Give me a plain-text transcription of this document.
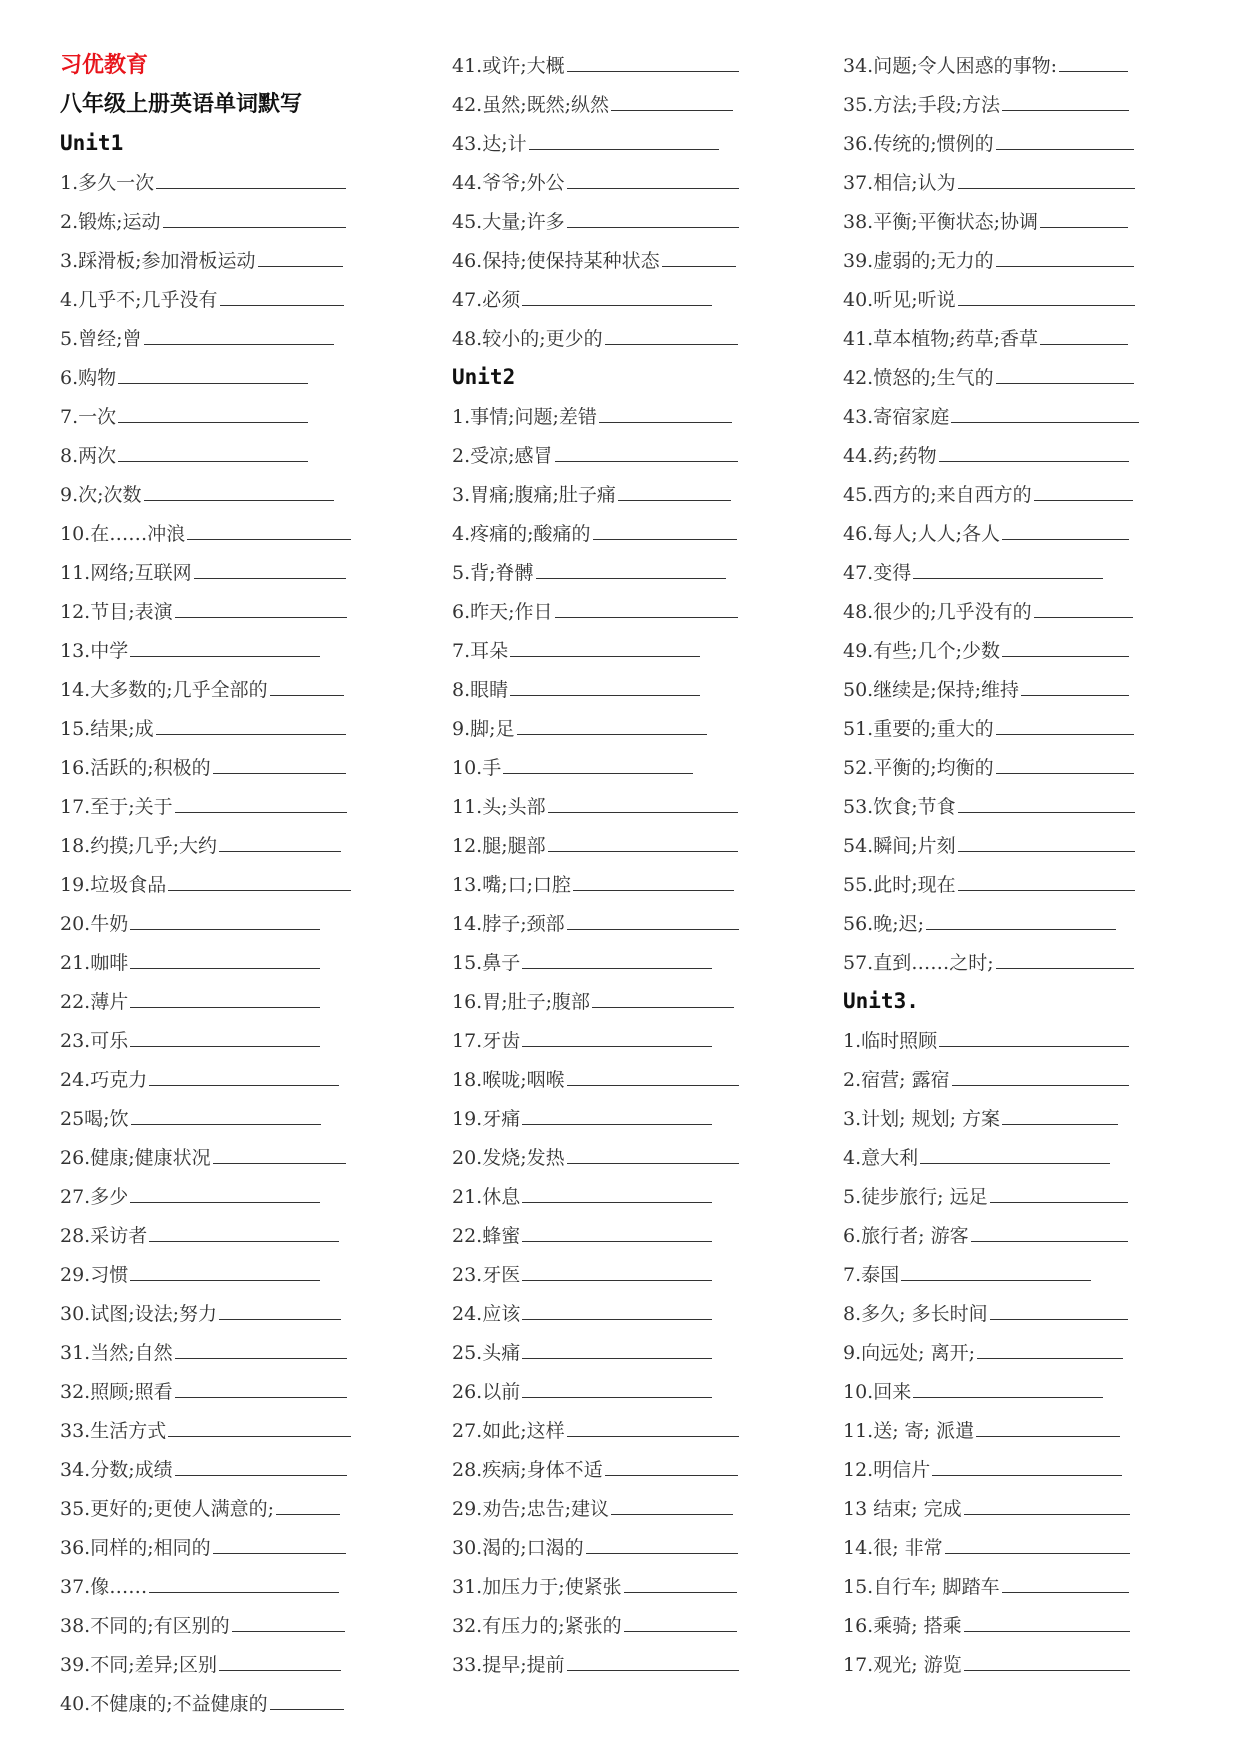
习优教育
八年级上册英语单词默写
Unit1
1.多久一次
2.锻炼;运动
3.踩滑板;参加滑板运动
4.几乎不;几乎没有
5.曾经;曾
6.购物
7.一次
8.两次
9.次;次数
10.在……冲浪
11.网络;互联网
12.节目;表演
13.中学
14.大多数的;几乎全部的
15.结果;成
16.活跃的;积极的
17.至于;关于
18.约摸;几乎;大约
19.垃圾食品
20.牛奶
21.咖啡
22.薄片
23.可乐
24.巧克力
25喝;饮
26.健康;健康状况
27.多少
28.采访者
29.习惯
30.试图;设法;努力
31.当然;自然
32.照顾;照看
33.生活方式
34.分数;成绩
35.更好的;更使人满意的;
36.同样的;相同的
37.像……
38.不同的;有区别的
39.不同;差异;区别
40.不健康的;不益健康的
41.或许;大概
42.虽然;既然;纵然
43.达;计
44.爷爷;外公
45.大量;许多
46.保持;使保持某种状态
47.必须
48.较小的;更少的
Unit2
1.事情;问题;差错
2.受凉;感冒
3.胃痛;腹痛;肚子痛
4.疼痛的;酸痛的
5.背;脊髆
6.昨天;作日
7.耳朵
8.眼睛
9.脚;足
10.手
11.头;头部
12.腿;腿部
13.嘴;口;口腔
14.脖子;颈部
15.鼻子
16.胃;肚子;腹部
17.牙齿
18.喉咙;咽喉
19.牙痛
20.发烧;发热
21.休息
22.蜂蜜
23.牙医
24.应该
25.头痛
26.以前
27.如此;这样
28.疾病;身体不适
29.劝告;忠告;建议
30.渴的;口渴的
31.加压力于;使紧张
32.有压力的;紧张的
33.提早;提前
34.问题;令人困惑的事物:
35.方法;手段;方法
36.传统的;惯例的
37.相信;认为
38.平衡;平衡状态;协调
39.虚弱的;无力的
40.听见;听说
41.草本植物;药草;香草
42.愤怒的;生气的
43.寄宿家庭
44.药;药物
45.西方的;来自西方的
46.每人;人人;各人
47.变得
48.很少的;几乎没有的
49.有些;几个;少数
50.继续是;保持;维持
51.重要的;重大的
52.平衡的;均衡的
53.饮食;节食
54.瞬间;片刻
55.此时;现在
56.晚;迟;
57.直到……之时;
Unit3.
1.临时照顾
2.宿营; 露宿
3.计划; 规划; 方案
4.意大利
5.徒步旅行; 远足
6.旅行者; 游客
7.泰国
8.多久; 多长时间
9.向远处; 离开;
10.回来
11.送; 寄; 派遣
12.明信片
13 结束; 完成
14.很; 非常
15.自行车; 脚踏车
16.乘骑; 搭乘
17.观光; 游览
